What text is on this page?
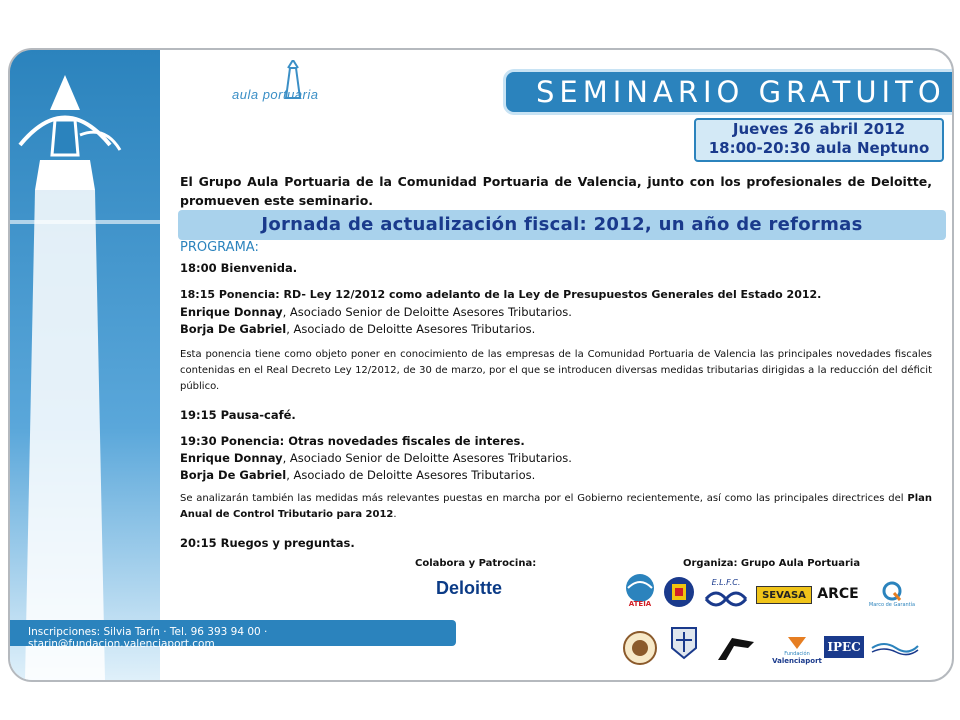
aula portuaria	SEMINARIO GRATUITO
Jueves 26 abril 2012
18:00-20:30 aula Neptuno
El Grupo Aula Portuaria de la Comunidad Portuaria de Valencia, junto con los profesionales de Deloitte, promueven este seminario.
Jornada de actualización fiscal: 2012, un año de reformas
PROGRAMA:
18:00 Bienvenida.
18:15 Ponencia: RD- Ley 12/2012 como adelanto de la Ley de Presupuestos Generales del Estado 2012.
Enrique Donnay, Asociado Senior de Deloitte Asesores Tributarios.
Borja De Gabriel, Asociado de Deloitte Asesores Tributarios.
Esta ponencia tiene como objeto poner en conocimiento de las empresas de la Comunidad Portuaria de Valencia las principales novedades fiscales contenidas en el Real Decreto Ley 12/2012, de 30 de marzo, por el que se introducen diversas medidas tributarias dirigidas a la reducción del déficit público.
19:15 Pausa-café.
19:30 Ponencia: Otras novedades fiscales de interes.
Enrique Donnay, Asociado Senior de Deloitte Asesores Tributarios.
Borja De Gabriel, Asociado de Deloitte Asesores Tributarios.
Se analizarán también las medidas más relevantes puestas en marcha por el Gobierno recientemente, así como las principales directrices del Plan Anual de Control Tributario para 2012.
20:15 Ruegos y preguntas.
Colabora y Patrocina:	Organiza: Grupo Aula Portuaria
Deloitte
ATEIA
E.L.F.C.
SEVASA ARCE
Marco de Garantía
Fundación
Valenciaport
IPEC
Inscripciones: Silvia Tarín · Tel. 96 393 94 00 · starin@fundacion.valenciaport.com
